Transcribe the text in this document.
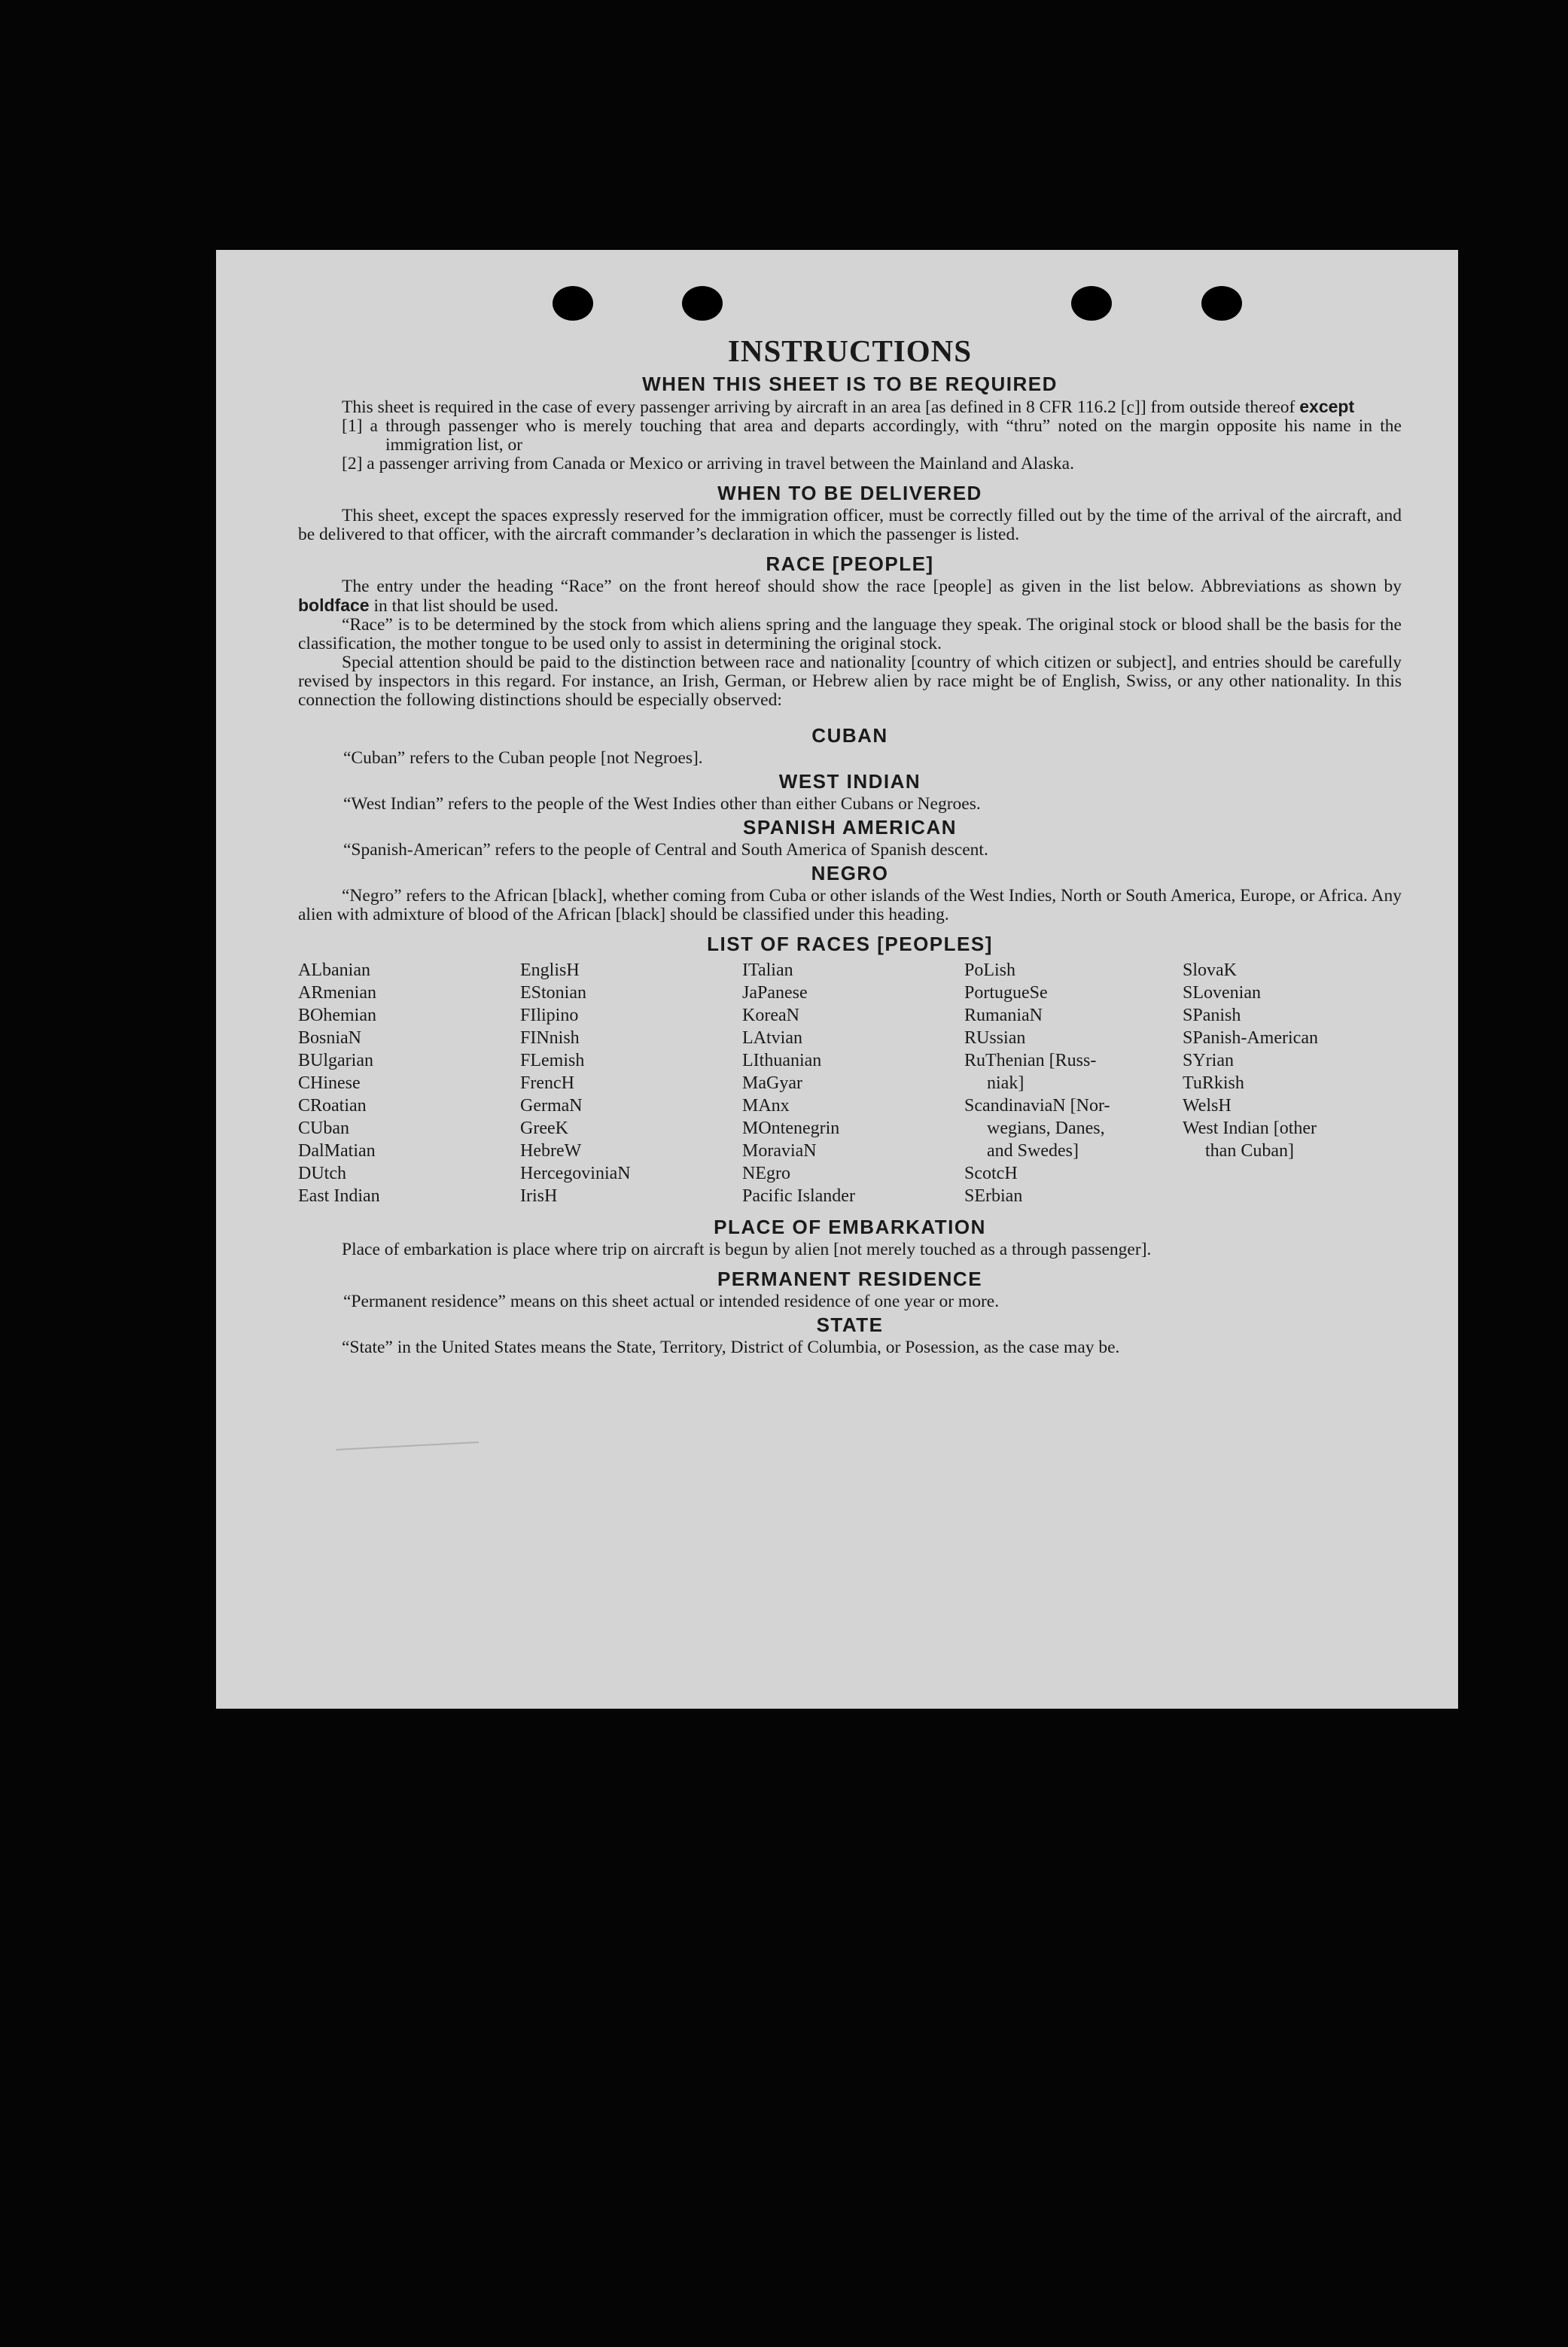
INSTRUCTIONS
WHEN THIS SHEET IS TO BE REQUIRED

This sheet is required in the case of every passenger arriving by aircraft in an area [as defined in 8 CFR 116.2 [c]] from outside thereof except

[1] a through passenger who is merely touching that area and departs accordingly, with “thru” noted on the margin opposite his name in the immigration list, or

[2] a passenger arriving from Canada or Mexico or arriving in travel between the Mainland and Alaska.

WHEN TO BE DELIVERED

This sheet, except the spaces expressly reserved for the immigration officer, must be correctly filled out by the time of the arrival of the aircraft, and be delivered to that officer, with the aircraft commander’s declaration in which the passenger is listed.

RACE [PEOPLE]

The entry under the heading “Race” on the front hereof should show the race [people] as given in the list below. Abbreviations as shown by boldface in that list should be used.

“Race” is to be determined by the stock from which aliens spring and the language they speak. The original stock or blood shall be the basis for the classification, the mother tongue to be used only to assist in determining the original stock.

Special attention should be paid to the distinction between race and nationality [country of which citizen or subject], and entries should be carefully revised by inspectors in this regard. For instance, an Irish, German, or Hebrew alien by race might be of English, Swiss, or any other nationality. In this connection the following distinctions should be especially observed:

CUBAN

“Cuban” refers to the Cuban people [not Negroes].

WEST INDIAN

“West Indian” refers to the people of the West Indies other than either Cubans or Negroes.

SPANISH AMERICAN

“Spanish-American” refers to the people of Central and South America of Spanish descent.

NEGRO

“Negro” refers to the African [black], whether coming from Cuba or other islands of the West Indies, North or South America, Europe, or Africa. Any alien with admixture of blood of the African [black] should be classified under this heading.

LIST OF RACES [PEOPLES]
ALbanian
ARmenian
BOhemian
BosniaN
BUlgarian
CHinese
CRoatian
CUban
DalMatian
DUtch
East Indian
EnglisH
EStonian
FIlipino
FINnish
FLemish
FrencH
GermaN
GreeK
HebreW
HercegoviniaN
IrisH
ITalian
JaPanese
KoreaN
LAtvian
LIthuanian
MaGyar
MAnx
MOntenegrin
MoraviaN
NEgro
Pacific Islander
PoLish
PortugueSe
RumaniaN
RUssian
RuThenian [Russ-
niak]
ScandinaviaN [Nor-
wegians, Danes,
and Swedes]
ScotcH
SErbian
SlovaK
SLovenian
SPanish
SPanish-American
SYrian
TuRkish
WelsH
West Indian [other
than Cuban]
PLACE OF EMBARKATION

Place of embarkation is place where trip on aircraft is begun by alien [not merely touched as a through passenger].

PERMANENT RESIDENCE

“Permanent residence” means on this sheet actual or intended residence of one year or more.

STATE

“State” in the United States means the State, Territory, District of Columbia, or Posession, as the case may be.
